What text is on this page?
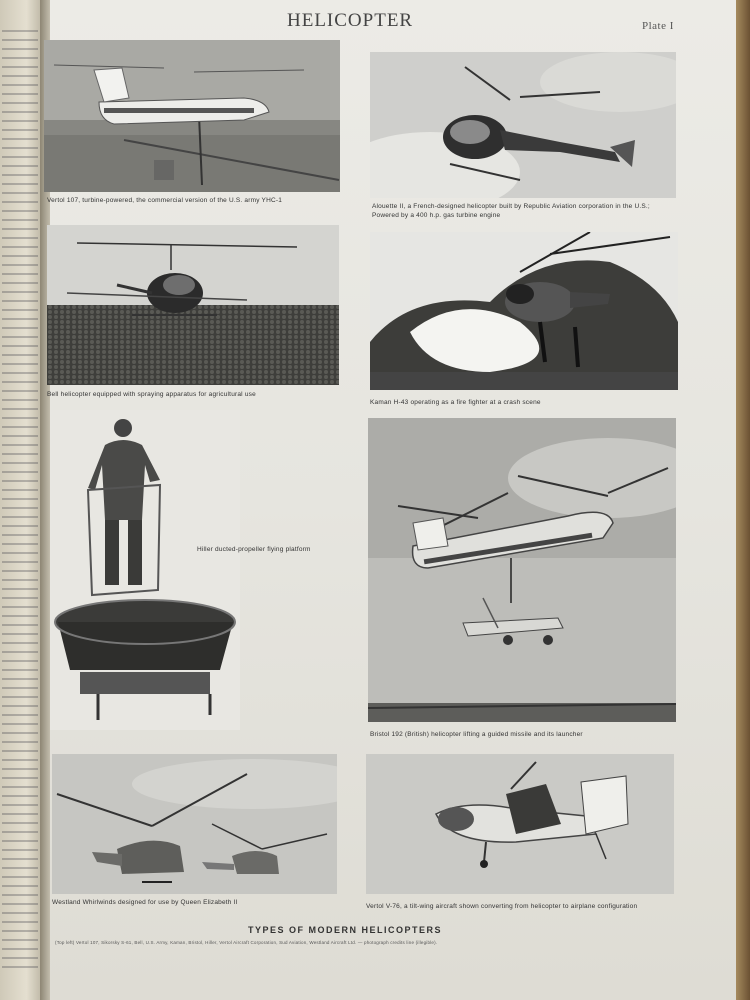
HELICOPTER	Plate I
Vertol 107, turbine-powered, the commercial version of the U.S. army YHC-1
Alouette II, a French-designed helicopter built by Republic Aviation corporation in the U.S.; Powered by a 400 h.p. gas turbine engine
Bell helicopter equipped with spraying apparatus for agricultural use
Kaman H-43 operating as a fire fighter at a crash scene
Hiller ducted-propeller flying platform
Bristol 192 (British) helicopter lifting a guided missile and its launcher
Westland Whirlwinds designed for use by Queen Elizabeth II
Vertol V-76, a tilt-wing aircraft shown converting from helicopter to airplane configuration
TYPES OF MODERN HELICOPTERS
(Top left) Vertol 107, Sikorsky S-61, Bell, U.S. Army, Kaman, Bristol, Hiller, Vertol Aircraft Corporation, Sud Aviation, Westland Aircraft Ltd. — photograph credits line (illegible).
